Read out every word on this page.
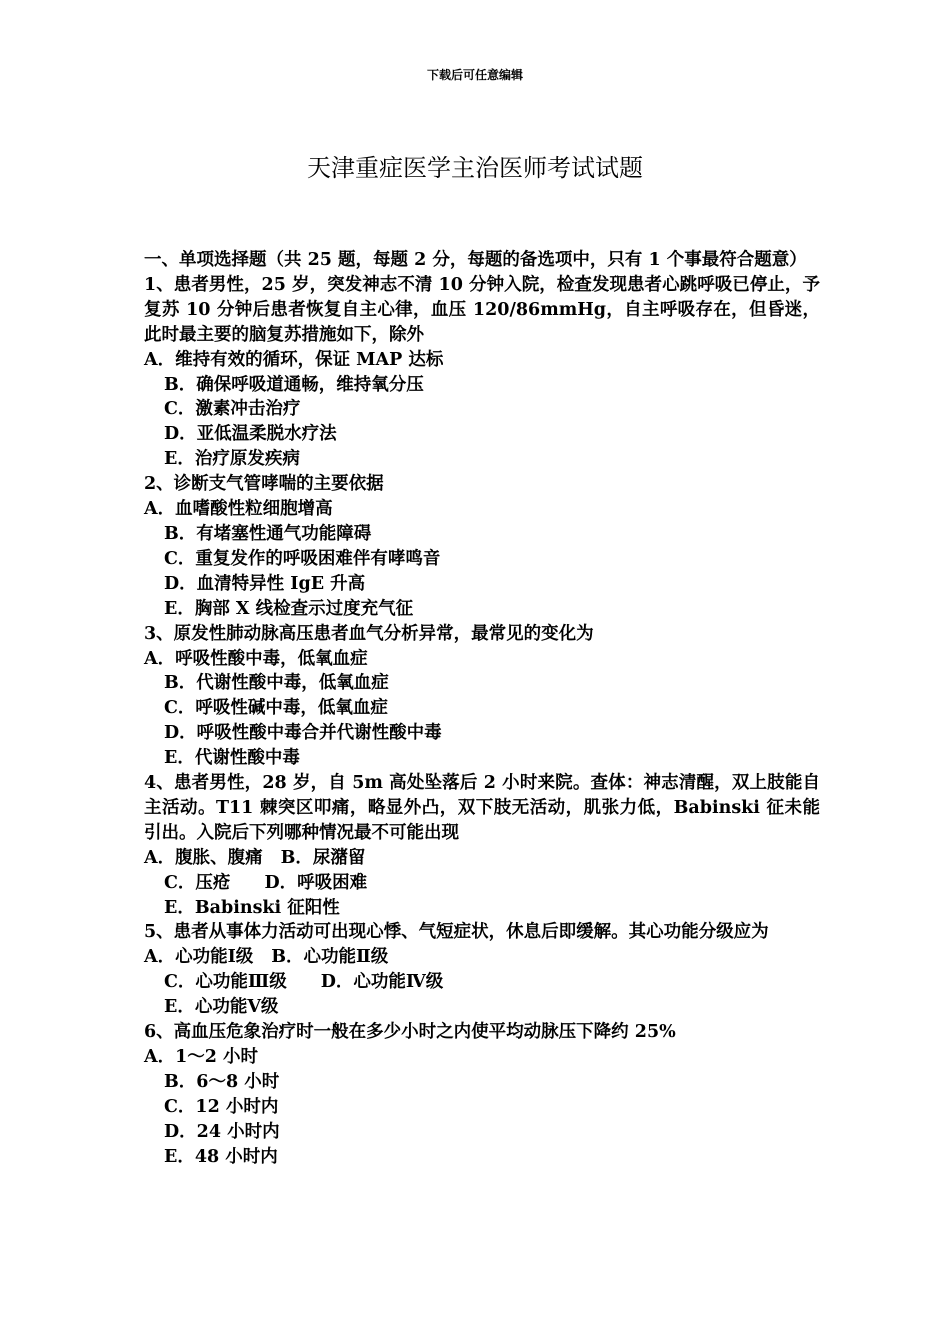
下载后可任意编辑
天津重症医学主治医师考试试题

一、单项选择题（共 25 题，每题 2 分，每题的备选项中，只有 1 个事最符合题意）

1、患者男性，25 岁，突发神志不清 10 分钟入院，检查发现患者心跳呼吸已停止，予复苏 10 分钟后患者恢复自主心律，血压 120/86mmHg，自主呼吸存在，但昏迷，此时最主要的脑复苏措施如下，除外

A．维持有效的循环，保证 MAP 达标

B．确保呼吸道通畅，维持氧分压

C．激素冲击治疗

D．亚低温柔脱水疗法

E．治疗原发疾病

2、诊断支气管哮喘的主要依据

A．血嗜酸性粒细胞增高

B．有堵塞性通气功能障碍

C．重复发作的呼吸困难伴有哮鸣音

D．血清特异性 IgE 升高

E．胸部 X 线检查示过度充气征

3、原发性肺动脉高压患者血气分析异常，最常见的变化为

A．呼吸性酸中毒，低氧血症

B．代谢性酸中毒，低氧血症

C．呼吸性碱中毒，低氧血症

D．呼吸性酸中毒合并代谢性酸中毒

E．代谢性酸中毒

4、患者男性，28 岁，自 5m 高处坠落后 2 小时来院。查体：神志清醒，双上肢能自主活动。T11 棘突区叩痛，略显外凸，双下肢无活动，肌张力低，Babinski 征未能引出。入院后下列哪种情况最不可能出现

A．腹胀、腹痛 B．尿潴留

C．压疮 D．呼吸困难

E．Babinski 征阳性

5、患者从事体力活动可出现心悸、气短症状，休息后即缓解。其心功能分级应为

A．心功能Ⅰ级 B．心功能Ⅱ级

C．心功能Ⅲ级 D．心功能Ⅳ级

E．心功能Ⅴ级

6、高血压危象治疗时一般在多少小时之内使平均动脉压下降约 25%

A．1～2 小时

B．6～8 小时

C．12 小时内

D．24 小时内

E．48 小时内
